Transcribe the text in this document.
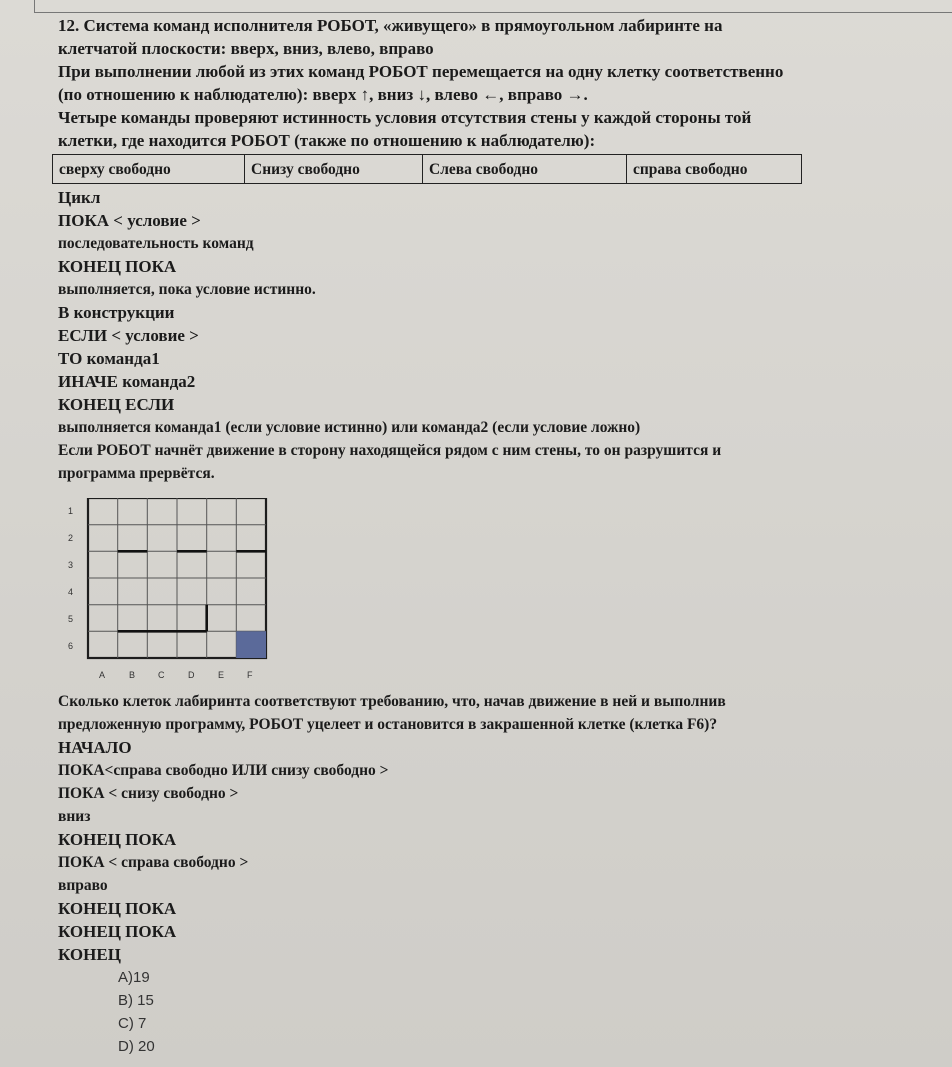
12. Система команд исполнителя РОБОТ, «живущего» в прямоугольном лабиринте на
клетчатой плоскости: вверх, вниз, влево, вправо
При выполнении любой из этих команд РОБОТ перемещается на одну клетку соответственно
(по отношению к наблюдателю): вверх ↑, вниз ↓, влево ←, вправо →.
Четыре команды проверяют истинность условия отсутствия стены у каждой стороны той
клетки, где находится РОБОТ (также по отношению к наблюдателю):
сверху свободно	Снизу свободно	Слева свободно	справа свободно
Цикл
ПОКА < условие >
последовательность команд
КОНЕЦ ПОКА
выполняется, пока условие истинно.
В конструкции
ЕСЛИ < условие >
ТО команда1
ИНАЧЕ команда2
КОНЕЦ ЕСЛИ
выполняется команда1 (если условие истинно) или команда2 (если условие ложно)
Если РОБОТ начнёт движение в сторону находящейся рядом с ним стены, то он разрушится и
программа прервётся.
1
2
3
4
5
6
A	B	C	D	E	F
Сколько клеток лабиринта соответствуют требованию, что, начав движение в ней и выполнив
предложенную программу, РОБОТ уцелеет и остановится в закрашенной клетке (клетка F6)?
НАЧАЛО
ПОКА<справа свободно ИЛИ снизу свободно >
ПОКА < снизу свободно >
вниз
КОНЕЦ ПОКА
ПОКА < справа свободно >
вправо
КОНЕЦ ПОКА
КОНЕЦ ПОКА
КОНЕЦ
A)19
B) 15
C) 7
D) 20
